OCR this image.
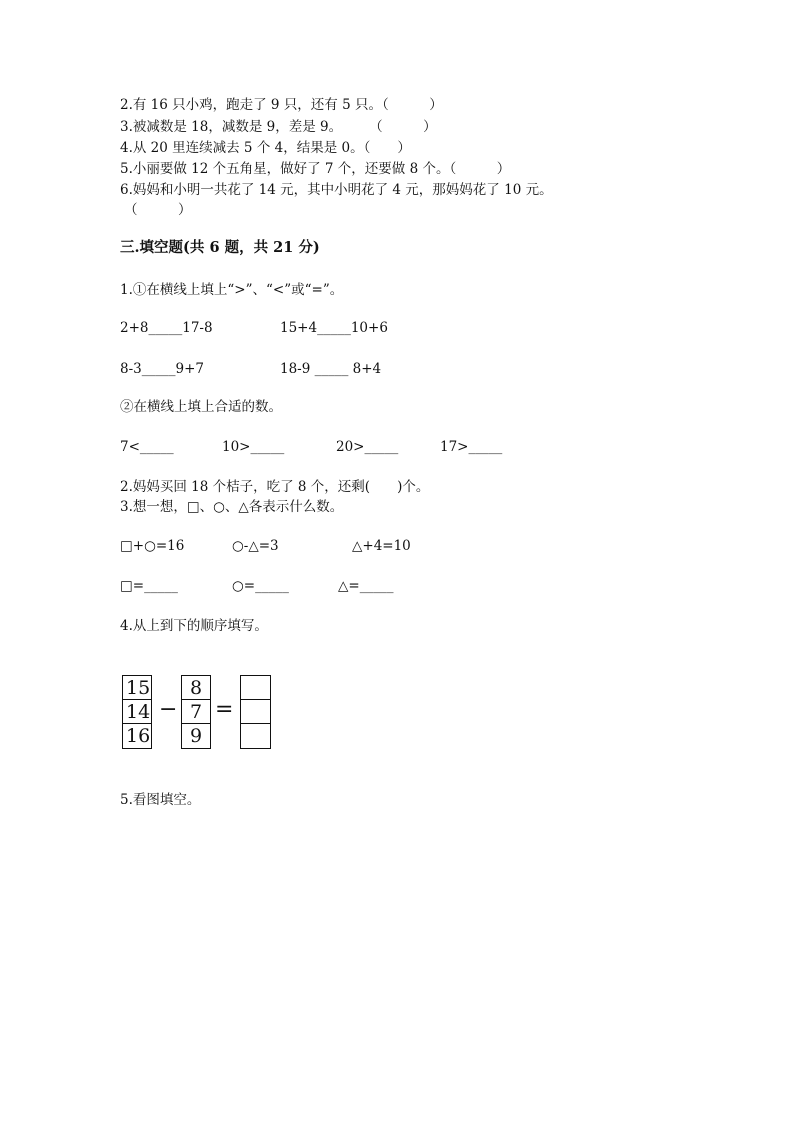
2.有 16 只小鸡，跑走了 9 只，还有 5 只。（　　　）
3.被减数是 18，减数是 9，差是 9。　　　（　　　）
4.从 20 里连续减去 5 个 4，结果是 0。（　　）
5.小丽要做 12 个五角星，做好了 7 个，还要做 8 个。（　　　）
6.妈妈和小明一共花了 14 元，其中小明花了 4 元，那妈妈花了 10 元。
（　　　）
三.填空题(共 6 题，共 21 分)
1.①在横线上填上“>”、“<”或“=”。
2+8_____17-8	15+4_____10+6
8-3_____9+7	18-9 _____ 8+4
②在横线上填上合适的数。
7<_____	10>_____	20>_____	17>_____
2.妈妈买回 18 个桔子，吃了 8 个，还剩(　　)个。
3.想一想，□、○、△各表示什么数。
□+○=16	○-△=3	△+4=10
□=_____	○=_____	△=_____
4.从上到下的顺序填写。
15
14
16
−
8
7
9
=
5.看图填空。
